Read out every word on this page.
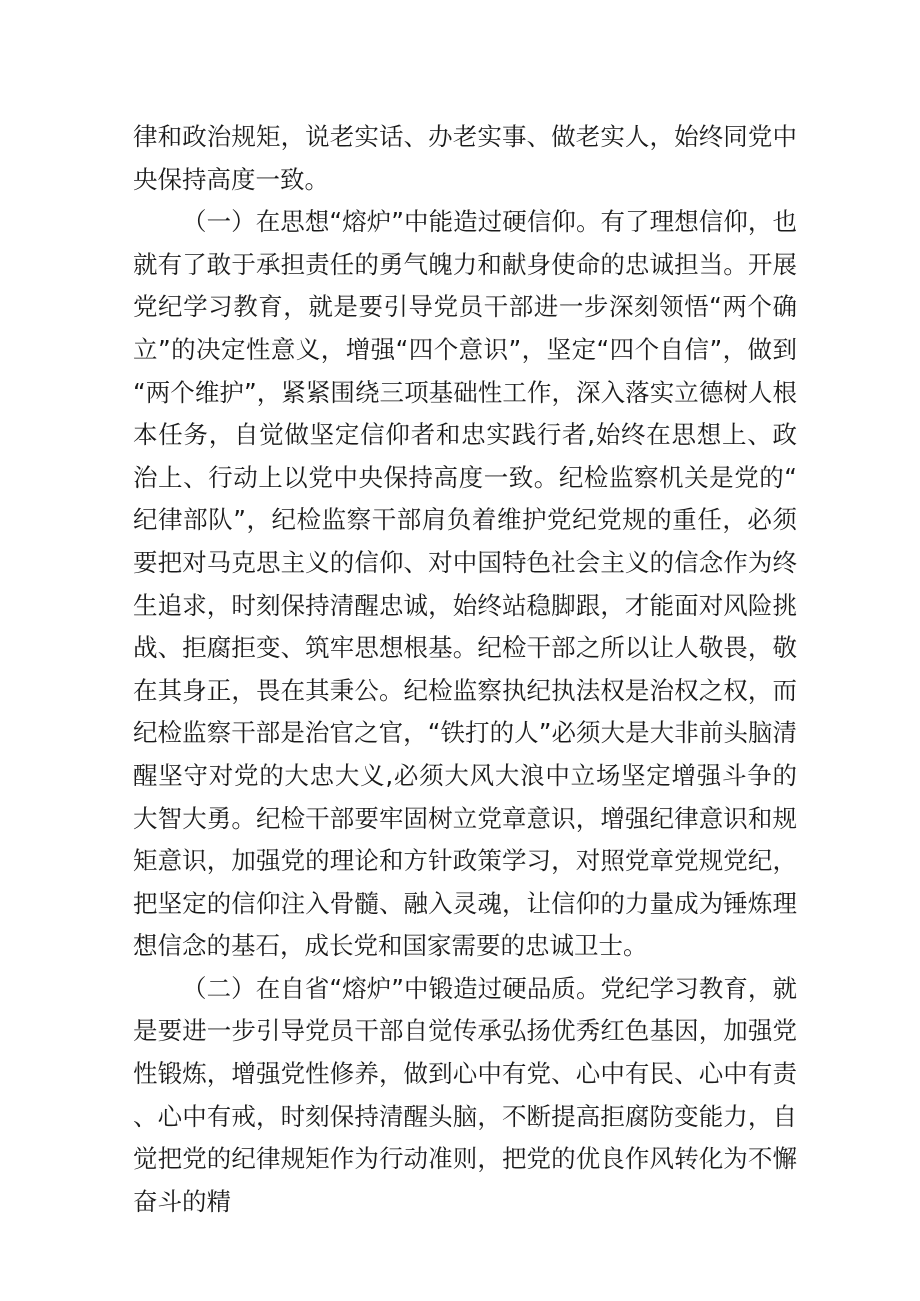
律和政治规矩，说老实话、办老实事、做老实人，始终同党中央保持高度一致。

（一）在思想“熔炉”中能造过硬信仰。有了理想信仰，也就有了敢于承担责任的勇气魄力和献身使命的忠诚担当。开展党纪学习教育，就是要引导党员干部进一步深刻领悟“两个确立”的决定性意义，增强“四个意识”，坚定“四个自信”，做到“两个维护”，紧紧围绕三项基础性工作，深入落实立德树人根本任务，自觉做坚定信仰者和忠实践行者,始终在思想上、政治上、行动上以党中央保持高度一致。纪检监察机关是党的“纪律部队”，纪检监察干部肩负着维护党纪党规的重任，必须要把对马克思主义的信仰、对中国特色社会主义的信念作为终生追求，时刻保持清醒忠诚，始终站稳脚跟，才能面对风险挑战、拒腐拒变、筑牢思想根基。纪检干部之所以让人敬畏，敬在其身正，畏在其秉公。纪检监察执纪执法权是治权之权，而纪检监察干部是治官之官，“铁打的人”必须大是大非前头脑清醒坚守对党的大忠大义,必须大风大浪中立场坚定增强斗争的大智大勇。纪检干部要牢固树立党章意识，增强纪律意识和规矩意识，加强党的理论和方针政策学习，对照党章党规党纪，把坚定的信仰注入骨髓、融入灵魂，让信仰的力量成为锤炼理想信念的基石，成长党和国家需要的忠诚卫士。

（二）在自省“熔炉”中锻造过硬品质。党纪学习教育，就是要进一步引导党员干部自觉传承弘扬优秀红色基因，加强党性锻炼，增强党性修养，做到心中有党、心中有民、心中有责、心中有戒，时刻保持清醒头脑，不断提高拒腐防变能力，自觉把党的纪律规矩作为行动准则，把党的优良作风转化为不懈奋斗的精
